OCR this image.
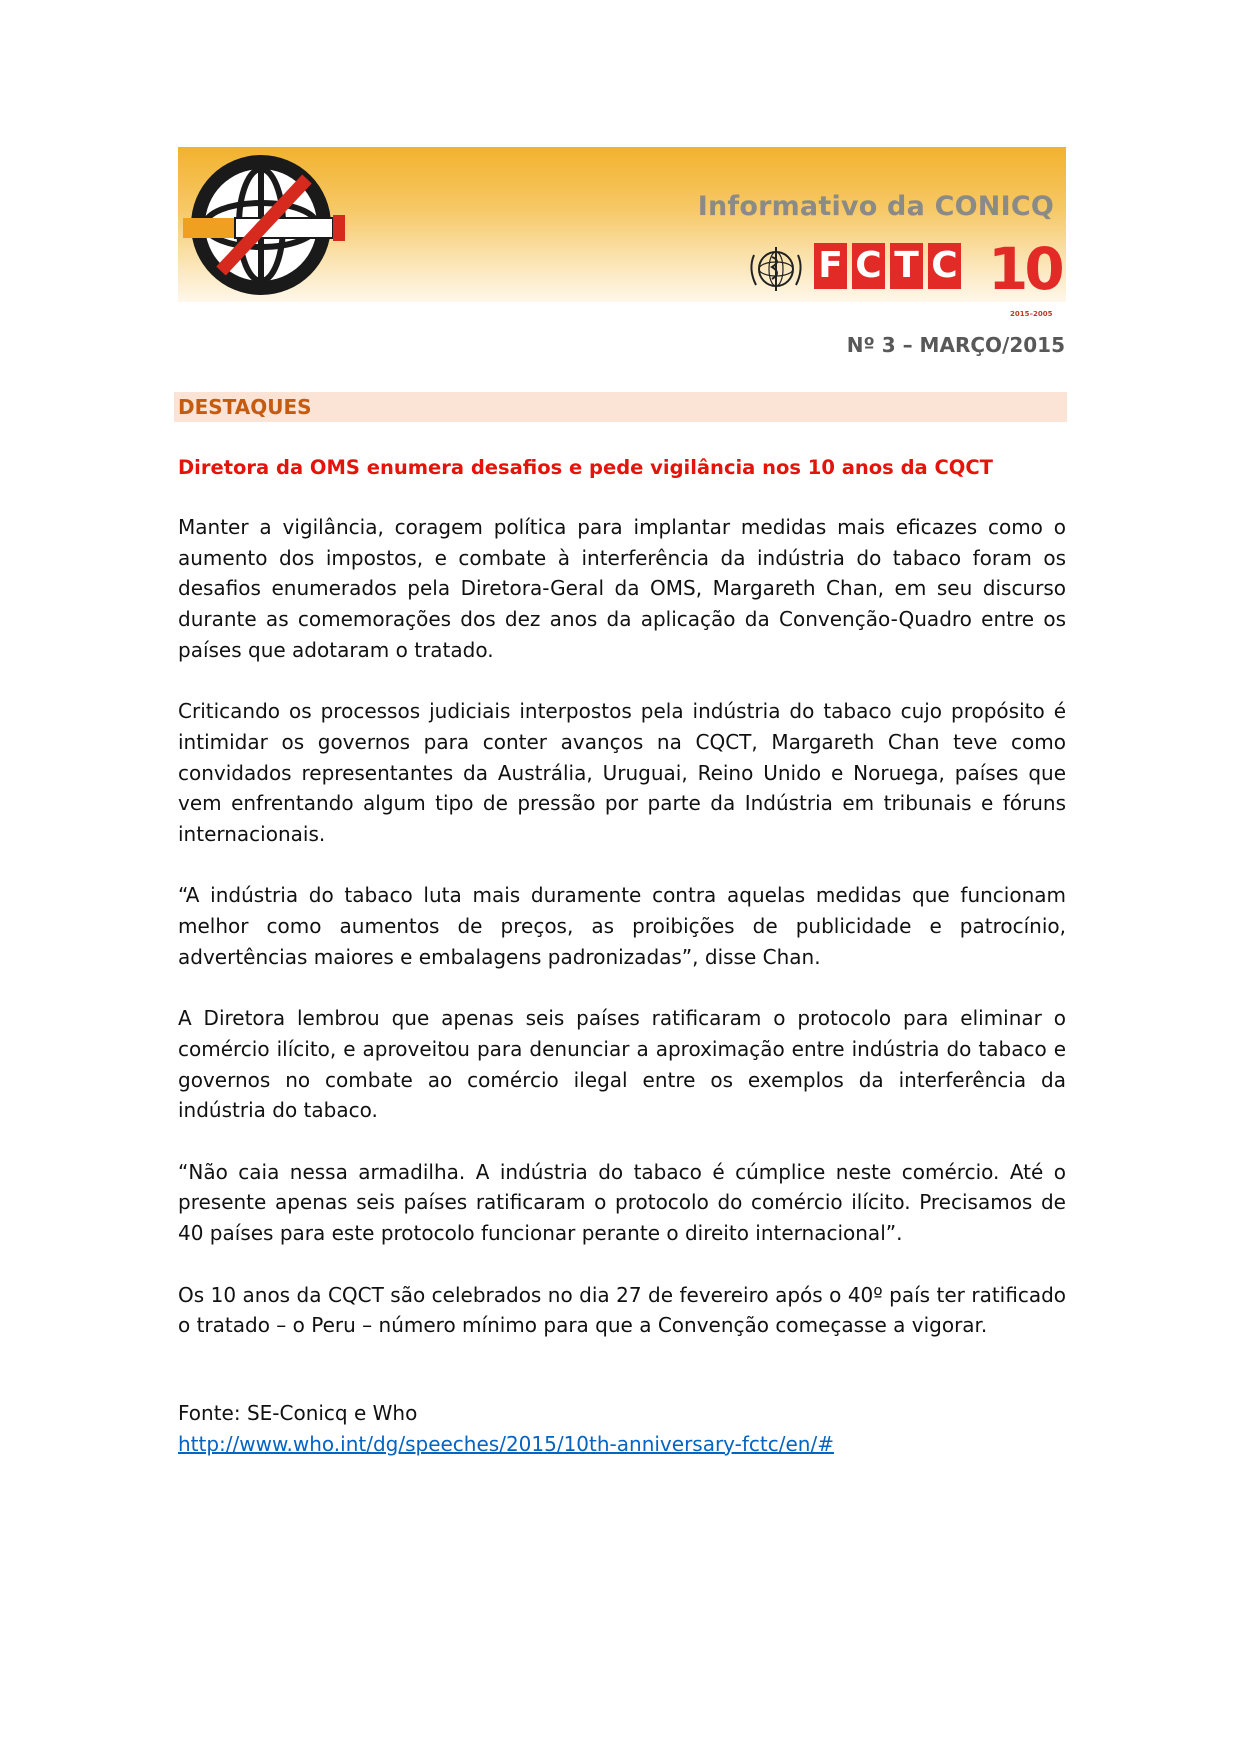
Informativo da CONICQ
F C T C 10
2015–2005
Nº 3 – MARÇO/2015
DESTAQUES
Diretora da OMS enumera desafios e pede vigilância nos 10 anos da CQCT

Manter a vigilância, coragem política para implantar medidas mais eficazes como o aumento dos impostos, e combate à interferência da indústria do tabaco foram os desafios enumerados pela Diretora-Geral da OMS, Margareth Chan, em seu discurso durante as comemorações dos dez anos da aplicação da Convenção-Quadro entre os países que adotaram o tratado.

Criticando os processos judiciais interpostos pela indústria do tabaco cujo propósito é intimidar os governos para conter avanços na CQCT, Margareth Chan teve como convidados representantes da Austrália, Uruguai, Reino Unido e Noruega, países que vem enfrentando algum tipo de pressão por parte da Indústria em tribunais e fóruns internacionais.

“A indústria do tabaco luta mais duramente contra aquelas medidas que funcionam melhor como aumentos de preços, as proibições de publicidade e patrocínio, advertências maiores e embalagens padronizadas”, disse Chan.

A Diretora lembrou que apenas seis países ratificaram o protocolo para eliminar o comércio ilícito, e aproveitou para denunciar a aproximação entre indústria do tabaco e governos no combate ao comércio ilegal entre os exemplos da interferência da indústria do tabaco.

“Não caia nessa armadilha. A indústria do tabaco é cúmplice neste comércio. Até o presente apenas seis países ratificaram o protocolo do comércio ilícito. Precisamos de 40 países para este protocolo funcionar perante o direito internacional”.

Os 10 anos da CQCT são celebrados no dia 27 de fevereiro após o 40º país ter ratificado o tratado – o Peru – número mínimo para que a Convenção começasse a vigorar.

Fonte: SE-Conicq e Who
http://www.who.int/dg/speeches/2015/10th-anniversary-fctc/en/#
